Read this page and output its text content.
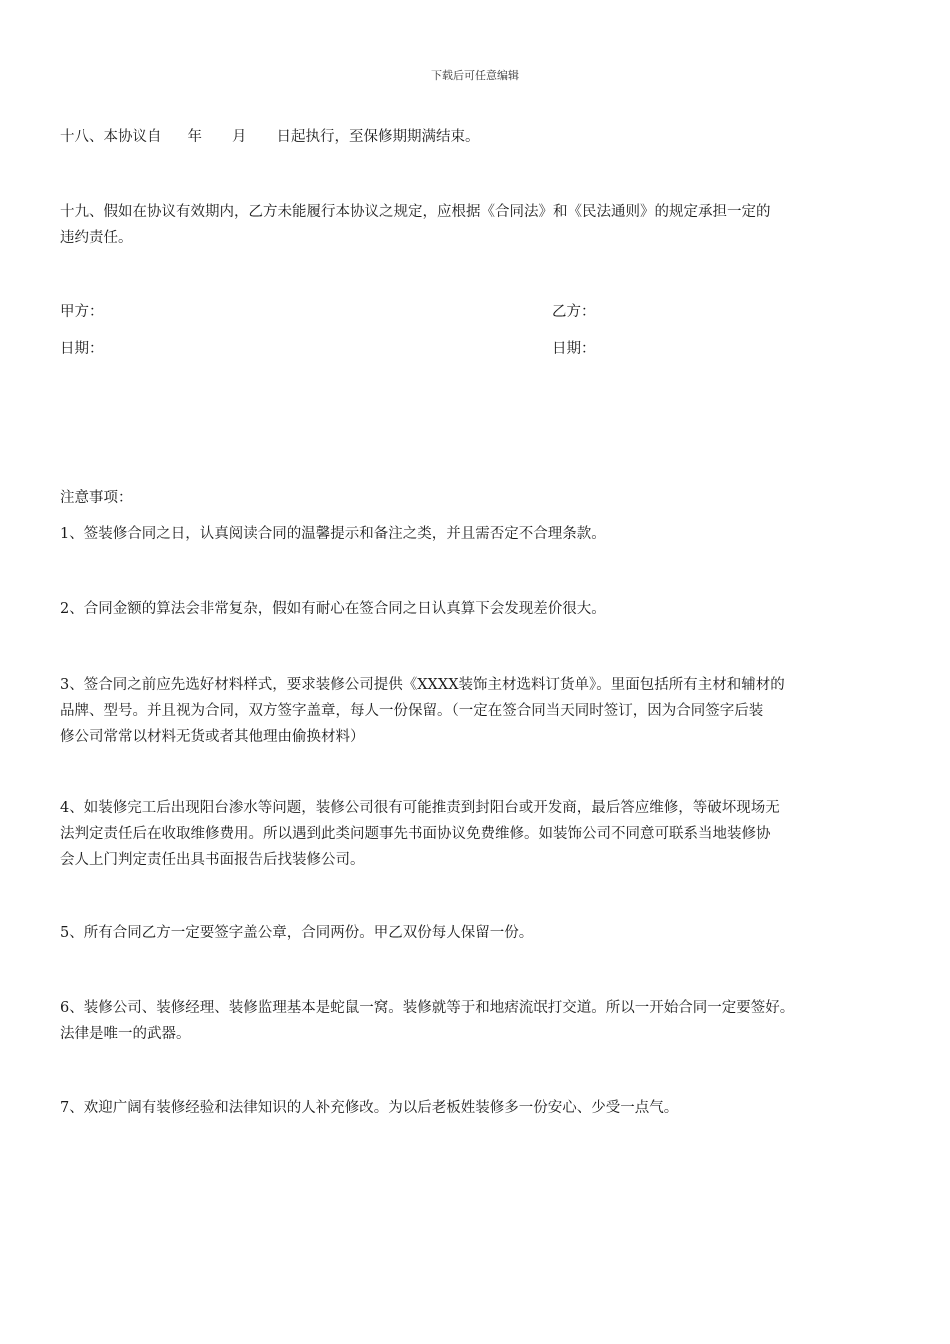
下载后可任意编辑
十八、本协议自 年 月 日起执行，至保修期期满结束。
十九、假如在协议有效期内，乙方未能履行本协议之规定，应根据《合同法》和《民法通则》的规定承担一定的
违约责任。
甲方：	乙方：
日期：	日期：
注意事项：
1、签装修合同之日，认真阅读合同的温馨提示和备注之类，并且需否定不合理条款。
2、合同金额的算法会非常复杂，假如有耐心在签合同之日认真算下会发现差价很大。
3、签合同之前应先选好材料样式，要求装修公司提供《XXXX装饰主材选料订货单》。里面包括所有主材和辅材的
品牌、型号。并且视为合同，双方签字盖章，每人一份保留。（一定在签合同当天同时签订，因为合同签字后装
修公司常常以材料无货或者其他理由偷换材料）
4、如装修完工后出现阳台渗水等问题，装修公司很有可能推责到封阳台或开发商，最后答应维修，等破坏现场无
法判定责任后在收取维修费用。所以遇到此类问题事先书面协议免费维修。如装饰公司不同意可联系当地装修协
会人上门判定责任出具书面报告后找装修公司。
5、所有合同乙方一定要签字盖公章，合同两份。甲乙双份每人保留一份。
6、装修公司、装修经理、装修监理基本是蛇鼠一窝。装修就等于和地痞流氓打交道。所以一开始合同一定要签好。
法律是唯一的武器。
7、欢迎广阔有装修经验和法律知识的人补充修改。为以后老板姓装修多一份安心、少受一点气。
